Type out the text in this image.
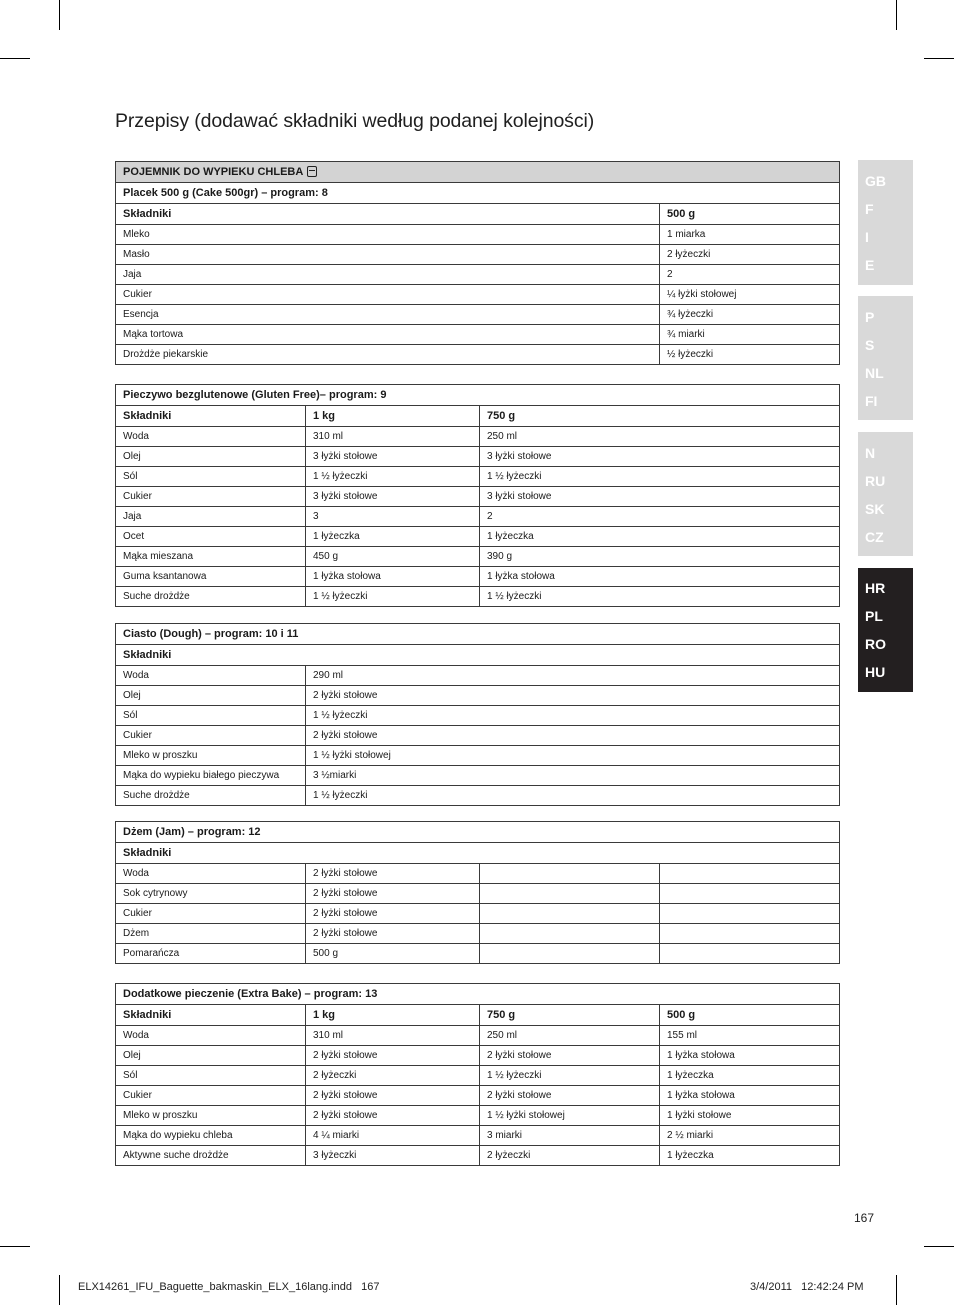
Przepisy (dodawać składniki według podanej kolejności)
POJEMNIK DO WYPIEKU CHLEBA	
Placek 500 g (Cake 500gr) – program: 8	
Składniki	500 g
Mleko	1 miarka
Masło	2 łyżeczki
Jaja	2
Cukier	¼ łyżki stołowej
Esencja	¾ łyżeczki
Mąka tortowa	¾ miarki
Drożdże piekarskie	½ łyżeczki
Pieczywo bezglutenowe (Gluten Free)– program: 9		
Składniki	1 kg	750 g
Woda	310 ml	250 ml
Olej	3 łyżki stołowe	3 łyżki stołowe
Sól	1 ½ łyżeczki	1 ½ łyżeczki
Cukier	3 łyżki stołowe	3 łyżki stołowe
Jaja	3	2
Ocet	1 łyżeczka	1 łyżeczka
Mąka mieszana	450 g	390 g
Guma ksantanowa	1 łyżka stołowa	1 łyżka stołowa
Suche drożdże	1 ½ łyżeczki	1 ½ łyżeczki
Ciasto (Dough) – program: 10 i 11	
Składniki	
Woda	290 ml
Olej	2 łyżki stołowe
Sól	1 ½ łyżeczki
Cukier	2 łyżki stołowe
Mleko w proszku	1 ½ łyżki stołowej
Mąka do wypieku białego pieczywa	3 ½miarki
Suche drożdże	1 ½ łyżeczki
Dżem (Jam) – program: 12			
Składniki			
Woda	2 łyżki stołowe		
Sok cytrynowy	2 łyżki stołowe		
Cukier	2 łyżki stołowe		
Dżem	2 łyżki stołowe		
Pomarańcza	500 g		
Dodatkowe pieczenie (Extra Bake) – program: 13			
Składniki	1 kg	750 g	500 g
Woda	310 ml	250 ml	155 ml
Olej	2 łyżki stołowe	2 łyżki stołowe	1 łyżka stołowa
Sól	2 łyżeczki	1 ½ łyżeczki	1 łyżeczka
Cukier	2 łyżki stołowe	2 łyżki stołowe	1 łyżka stołowa
Mleko w proszku	2 łyżki stołowe	1 ½ łyżki stołowej	1 łyżki stołowe
Mąka do wypieku chleba	4 ¼ miarki	3 miarki	2 ½ miarki
Aktywne suche drożdże	3 łyżeczki	2 łyżeczki	1 łyżeczka
GB
F
I
E
P
S
NL
FI
N
RU
SK
CZ
HR
PL
RO
HU
167
ELX14261_IFU_Baguette_bakmaskin_ELX_16lang.indd   167	3/4/2011   12:42:24 PM
